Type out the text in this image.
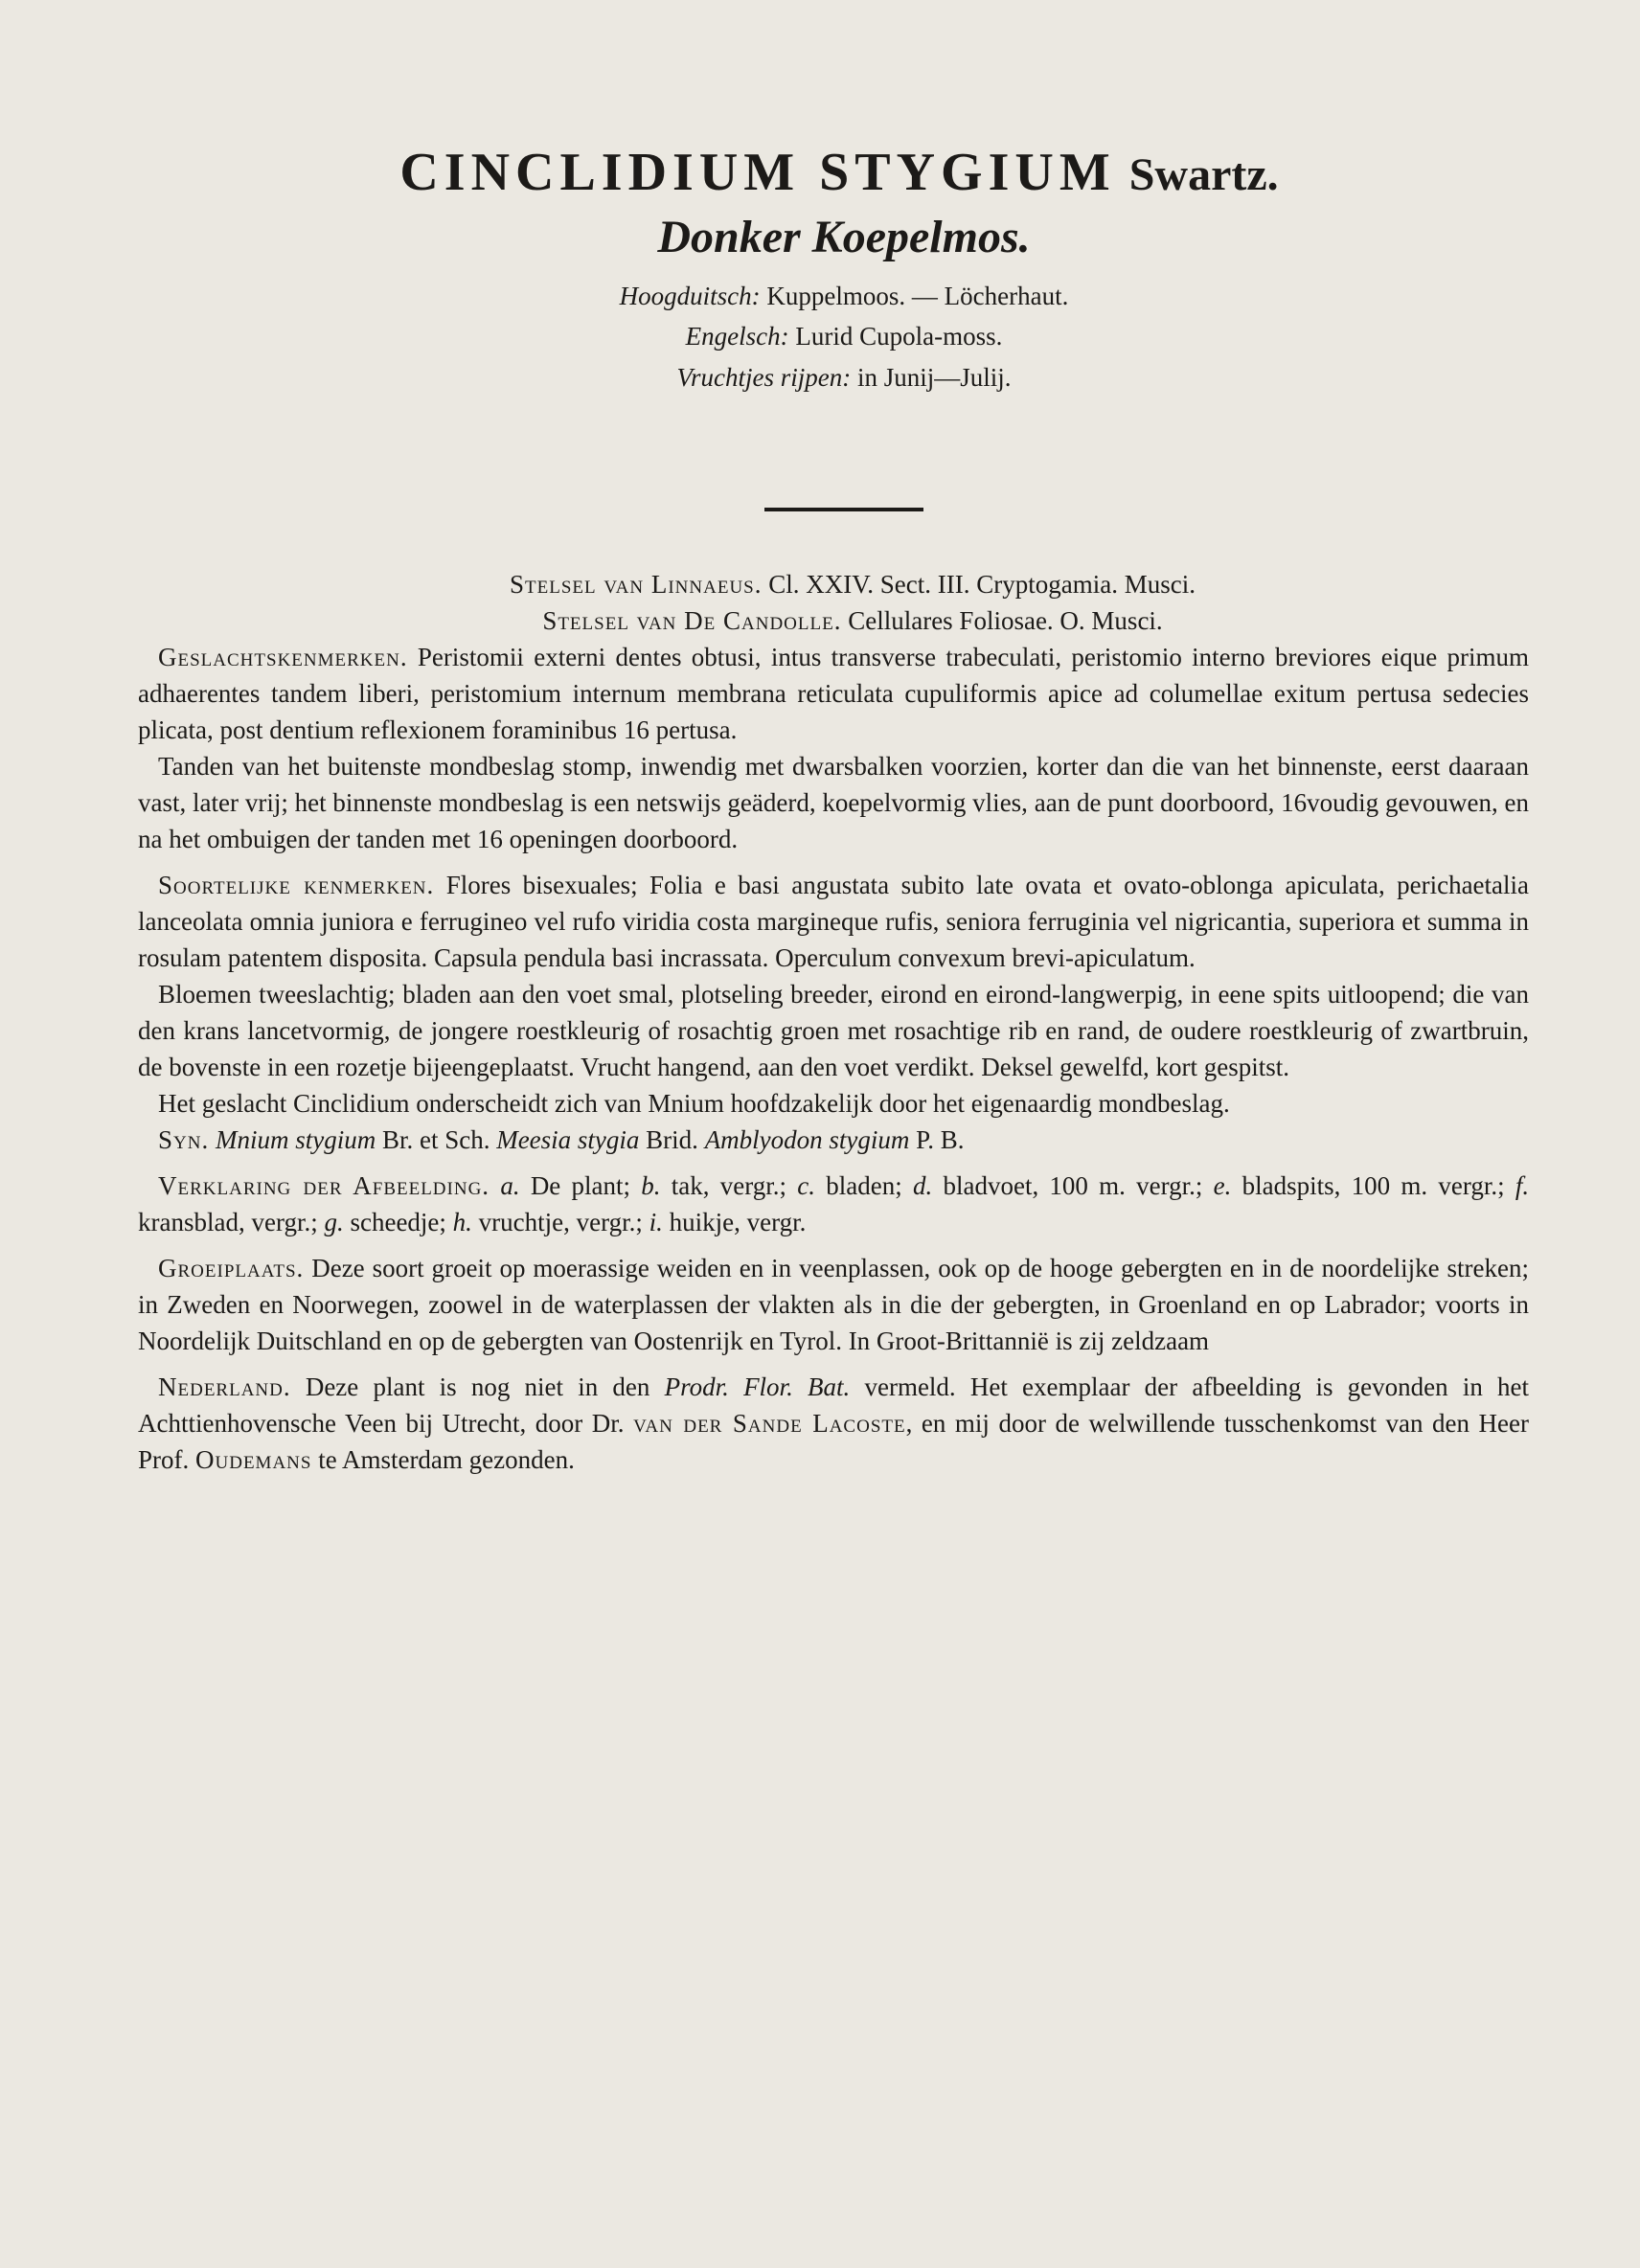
CINCLIDIUM STYGIUM Swartz.
Donker Koepelmos.
Hoogduitsch: Kuppelmoos. — Löcherhaut.
Engelsch: Lurid Cupola-moss.
Vruchtjes rijpen: in Junij—Julij.
Stelsel van Linnaeus. Cl. XXIV. Sect. III. Cryptogamia. Musci.
Stelsel van De Candolle. Cellulares Foliosae. O. Musci.

Geslachtskenmerken. Peristomii externi dentes obtusi, intus transverse trabeculati, peristomio interno breviores eique primum adhaerentes tandem liberi, peristomium internum membrana reticulata cupuliformis apice ad columellae exitum pertusa sedecies plicata, post dentium reflexionem foraminibus 16 pertusa.

Tanden van het buitenste mondbeslag stomp, inwendig met dwarsbalken voorzien, korter dan die van het binnenste, eerst daaraan vast, later vrij; het binnenste mondbeslag is een netswijs geäderd, koepelvormig vlies, aan de punt doorboord, 16voudig gevouwen, en na het ombuigen der tanden met 16 openingen doorboord.

Soortelijke kenmerken. Flores bisexuales; Folia e basi angustata subito late ovata et ovato-oblonga apiculata, perichaetalia lanceolata omnia juniora e ferrugineo vel rufo viridia costa margineque rufis, seniora ferruginia vel nigricantia, superiora et summa in rosulam patentem disposita. Capsula pendula basi incrassata. Operculum convexum brevi-apiculatum.

Bloemen tweeslachtig; bladen aan den voet smal, plotseling breeder, eirond en eirond-langwerpig, in eene spits uitloopend; die van den krans lancetvormig, de jongere roestkleurig of rosachtig groen met rosachtige rib en rand, de oudere roestkleurig of zwartbruin, de bovenste in een rozetje bijeengeplaatst. Vrucht hangend, aan den voet verdikt. Deksel gewelfd, kort gespitst.

Het geslacht Cinclidium onderscheidt zich van Mnium hoofdzakelijk door het eigenaardig mondbeslag.

Syn. Mnium stygium Br. et Sch. Meesia stygia Brid. Amblyodon stygium P. B.

Verklaring der Afbeelding. a. De plant; b. tak, vergr.; c. bladen; d. bladvoet, 100 m. vergr.; e. bladspits, 100 m. vergr.; f. kransblad, vergr.; g. scheedje; h. vruchtje, vergr.; i. huikje, vergr.

Groeiplaats. Deze soort groeit op moerassige weiden en in veenplassen, ook op de hooge gebergten en in de noordelijke streken; in Zweden en Noorwegen, zoowel in de waterplassen der vlakten als in die der gebergten, in Groenland en op Labrador; voorts in Noordelijk Duitschland en op de gebergten van Oostenrijk en Tyrol. In Groot-Brittannië is zij zeldzaam

Nederland. Deze plant is nog niet in den Prodr. Flor. Bat. vermeld. Het exemplaar der afbeelding is gevonden in het Achttienhovensche Veen bij Utrecht, door Dr. van der Sande Lacoste, en mij door de welwillende tusschenkomst van den Heer Prof. Oudemans te Amsterdam gezonden.
